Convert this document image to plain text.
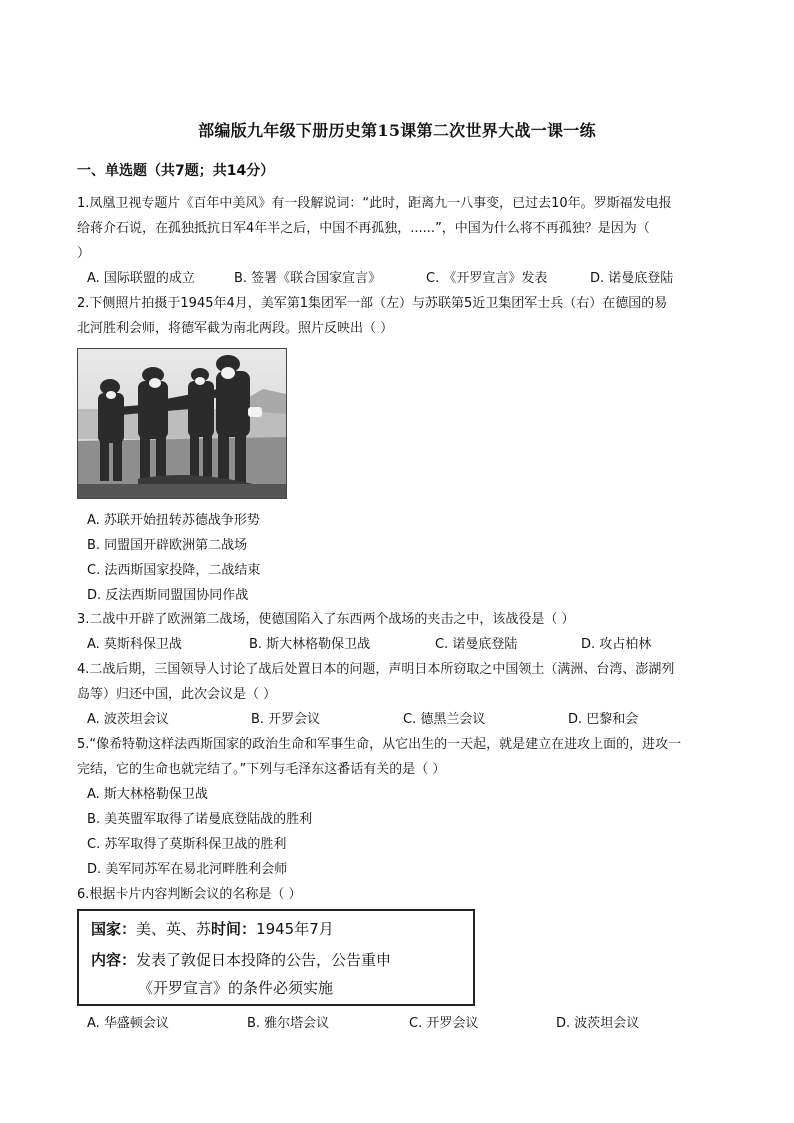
部编版九年级下册历史第15课第二次世界大战一课一练
一、单选题（共7题；共14分）
1.凤凰卫视专题片《百年中美风》有一段解说词：“此时，距离九一八事变，已过去10年。罗斯福发电报
给蒋介石说，在孤独抵抗日军4年半之后，中国不再孤独，......”，中国为什么将不再孤独？是因为（
）
A. 国际联盟的成立	B. 签署《联合国家宣言》	C. 《开罗宣言》发表	D. 诺曼底登陆
2.下侧照片拍摄于1945年4月，美军第1集团军一部（左）与苏联第5近卫集团军士兵（右）在德国的易
北河胜利会师，将德军截为南北两段。照片反映出（ ）
A. 苏联开始扭转苏德战争形势
B. 同盟国开辟欧洲第二战场
C. 法西斯国家投降，二战结束
D. 反法西斯同盟国协同作战
3.二战中开辟了欧洲第二战场，使德国陷入了东西两个战场的夹击之中，该战役是（ ）
A. 莫斯科保卫战	B. 斯大林格勒保卫战	C. 诺曼底登陆	D. 攻占柏林
4.二战后期，三国领导人讨论了战后处置日本的问题，声明日本所窃取之中国领土（满洲、台湾、澎湖列
岛等）归还中国，此次会议是（ ）
A. 波茨坦会议	B. 开罗会议	C. 德黑兰会议	D. 巴黎和会
5.“像希特勒这样法西斯国家的政治生命和军事生命，从它出生的一天起，就是建立在进攻上面的，进攻一
完结，它的生命也就完结了。”下列与毛泽东这番话有关的是（ ）
A. 斯大林格勒保卫战
B. 美英盟军取得了诺曼底登陆战的胜利
C. 苏军取得了莫斯科保卫战的胜利
D. 美军同苏军在易北河畔胜利会师
6.根据卡片内容判断会议的名称是（ ）
国家：美、英、苏时间：1945年7月
内容：发表了敦促日本投降的公告，公告重申
《开罗宣言》的条件必须实施
A. 华盛顿会议	B. 雅尔塔会议	C. 开罗会议	D. 波茨坦会议
